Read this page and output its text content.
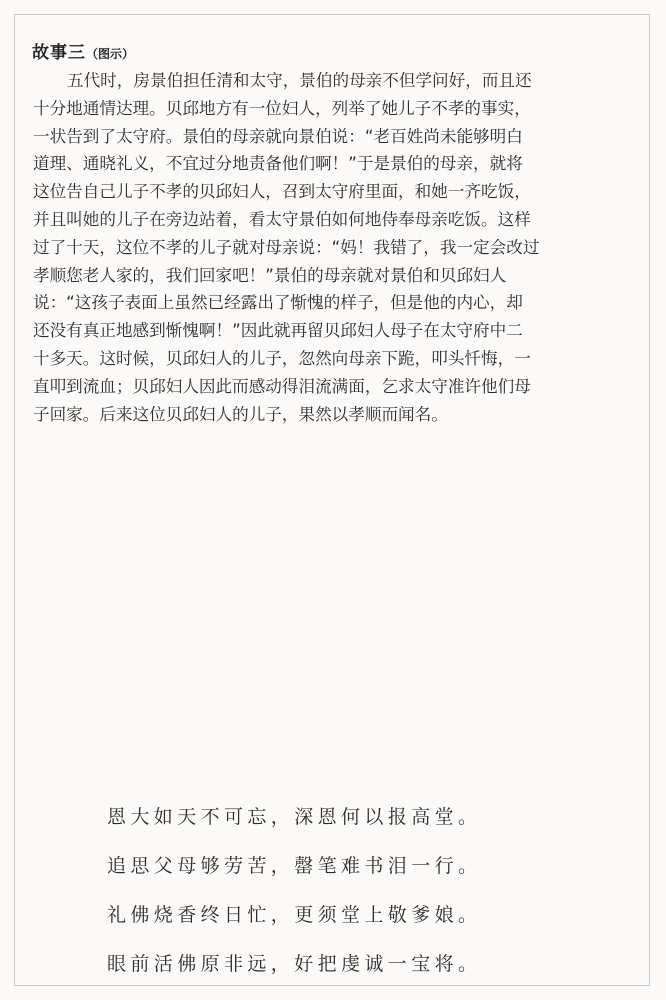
故事三（图示）
五代时，房景伯担任清和太守，景伯的母亲不但学问好，而且还
十分地通情达理。贝邱地方有一位妇人，列举了她儿子不孝的事实，
一状告到了太守府。景伯的母亲就向景伯说：“老百姓尚未能够明白
道理、通晓礼义，不宜过分地责备他们啊！”于是景伯的母亲，就将
这位告自己儿子不孝的贝邱妇人，召到太守府里面，和她一齐吃饭，
并且叫她的儿子在旁边站着，看太守景伯如何地侍奉母亲吃饭。这样
过了十天，这位不孝的儿子就对母亲说：“妈！我错了，我一定会改过
孝顺您老人家的，我们回家吧！”景伯的母亲就对景伯和贝邱妇人
说：“这孩子表面上虽然已经露出了惭愧的样子，但是他的内心，却
还没有真正地感到惭愧啊！”因此就再留贝邱妇人母子在太守府中二
十多天。这时候，贝邱妇人的儿子，忽然向母亲下跪，叩头忏悔，一
直叩到流血；贝邱妇人因此而感动得泪流满面，乞求太守准许他们母
子回家。后来这位贝邱妇人的儿子，果然以孝顺而闻名。
恩大如天不可忘，深恩何以报高堂。
追思父母够劳苦，罄笔难书泪一行。
礼佛烧香终日忙，更须堂上敬爹娘。
眼前活佛原非远，好把虔诚一宝将。
